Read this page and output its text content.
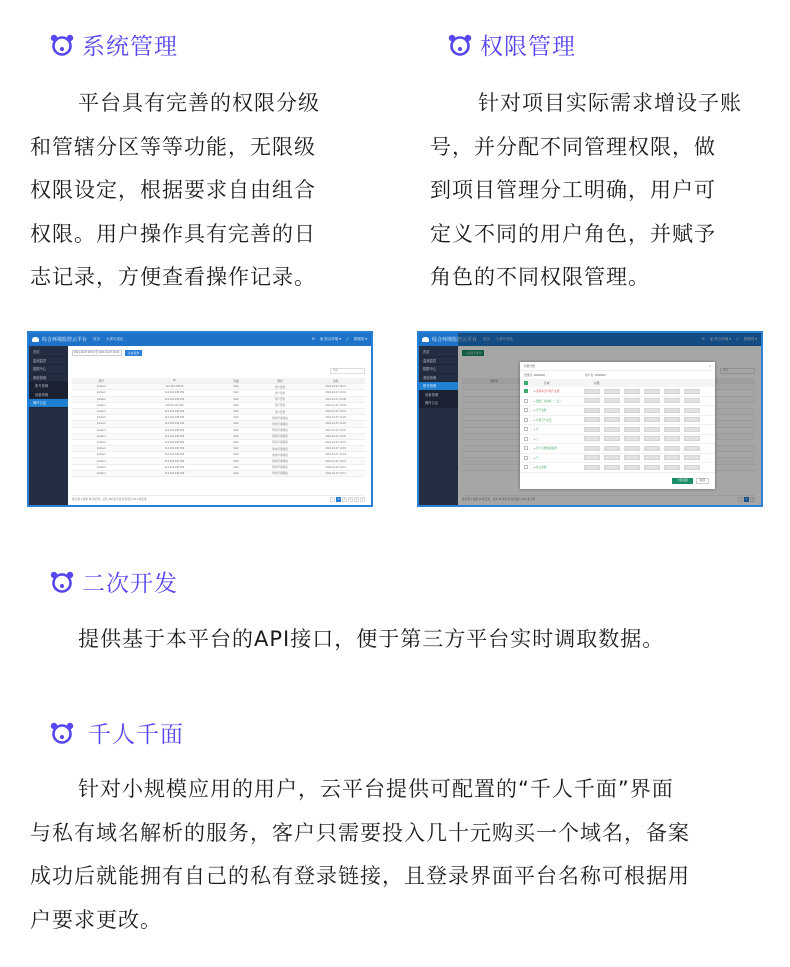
系统管理
平台具有完善的权限分级
和管辖分区等等功能，无限级
权限设定，根据要求自由组合
权限。用户操作具有完善的日
志记录，方便查看操作记录。
权限管理
针对项目实际需求增设子账
号，并分配不同管理权限，做
到项目管理分工明确，用户可
定义不同的用户角色，并赋予
角色的不同权限管理。
综合环境监控云平台 首页 大屏可视化	⟳ ▣ 综合环境 ▾ ⤢ 管理员 ▾
首页
监测监控
数据中心
系统管理
账号管理
设备管理
操作日志
2021-10-07 00:00 至 2021-10-07 14:30	生成查询
搜索
账号	IP	终端	操作	时间
jinshent	112.232.238.25	Web	用户登录	2021-10-07 14:21
jinshent	112.232.238.259	Web	用户登录	2021-10-07 13:44
jinshent	112.232.238.259	Web	用户登录	2021-10-07 13:38
jinshent	218.56.240.160	Web	用户登录	2021-10-07 13:36
jinshent	112.232.238.259	Web	用户登录	2021-10-07 13:31
jinshent	112.232.238.259	Web	修改环境阈值	2021-10-07 13:26
jinshent	112.232.238.259	Web	修改环境阈值	2021-10-07 13:25
jinshent	112.232.238.259	Web	修改环境阈值	2021-10-07 13:20
jinshent	112.232.238.259	Web	修改环境阈值	2021-10-07 13:20
jinshent	112.232.238.259	Web	修改环境阈值	2021-10-07 13:19
jinshent	112.232.238.259	Web	修改环境阈值	2021-10-07 13:19
jinshent	112.232.238.259	Web	修改环境阈值	2021-10-07 13:19
jinshent	112.232.238.259	Web	修改环境阈值	2021-10-07 13:12
jinshent	112.232.238.259	Web	修改环境阈值	2021-10-07 12:11
jinshent	112.232.238.259	Web	修改环境阈值	2021-10-07 12:11
显示第 1 到第 15 条记录，总共 333 条记录 每页显示 15 ▾ 条记录	‹	1	2	3	4	5
综合环境监控云平台 首页 大屏可视化	⟳ ▣ 综合环境 ▾ ⤢ 管理员 ▾
首页
监测监控
数据中心
系统管理
账号管理
设备管理
操作日志
+ 添加子账号
搜索
登录名
显示第 1 到第 15 条记录，总共 18 条记录 每页显示 15 ▾ 条记录	‹	1	2
权限分配	×
登录名: 2000000	用户名: 2000000
区域	权限
▸ 济南综合环境产业园
▸ 测温厂房楼栋（二区）
▸ 空气监测
▸ 环境空气质量
▸ 水
▸ 土
▸ 用户运维数据监测
▸ 气
▸ 综合监测
分配权限	取消
二次开发
提供基于本平台的API接口，便于第三方平台实时调取数据。
千人千面
针对小规模应用的用户，云平台提供可配置的“千人千面”界面
与私有域名解析的服务，客户只需要投入几十元购买一个域名，备案
成功后就能拥有自己的私有登录链接，且登录界面平台名称可根据用
户要求更改。
